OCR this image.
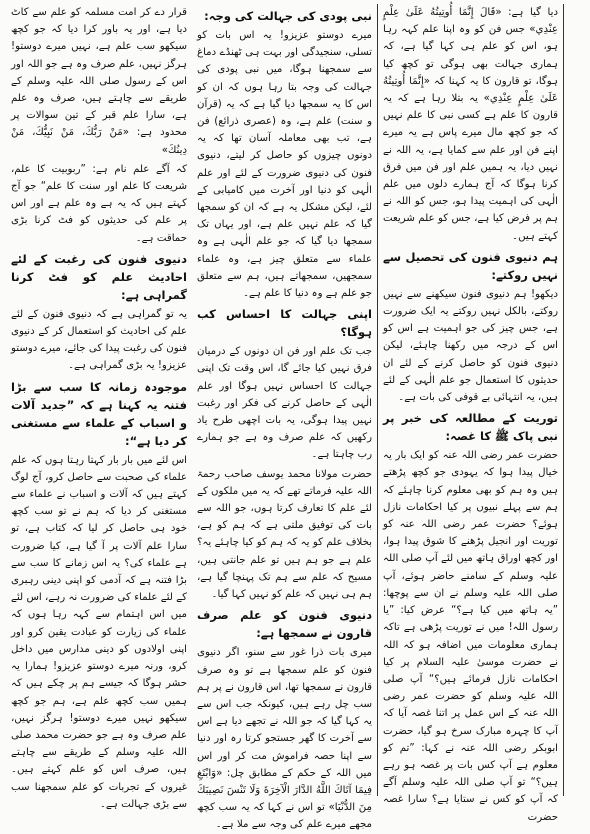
قرار دے کر امت مسلمہ کو علم سے کاٹ دیا ہے، اور یہ باور کرا دیا کہ جو کچھ سیکھو سب علم ہے، نہیں میرے دوستو! ہرگز نہیں، علم صرف وہ ہے جو اللہ اور اس کے رسول صلی اللہ علیہ وسلم کے طریقے سے چاہتے ہیں، صرف وہ علم ہے، سارا علم قبر کے تین سوالات پر محدود ہے: «مَنْ رَبُّكَ، مَنْ نَبِيُّكَ، مَنْ دِينُكَ»

کہ آگے علم نام ہے: ”ربوبیت کا علم، شریعت کا علم اور سنت کا علم“ جو آج کہتے ہیں کہ یہ ہے وہ علم ہے اور اس پر علم کی حدیثوں کو فٹ کرنا بڑی حماقت ہے۔

دنیوی فنون کی رغبت کے لئے احادیث علم کو فٹ کرنا گمراہی ہے:

یہ تو گمراہی ہے کہ دنیوی فنون کے لئے علم کی احادیث کو استعمال کر کے دنیوی فنون کی رغبت پیدا کی جائے، میرے دوستو عزیزو! یہ بڑی گمراہی ہے۔

موجودہ زمانہ کا سب سے بڑا فتنہ یہ کہنا ہے کہ ”جدید آلات و اسباب کے علماء سے مستغنی کر دیا ہے“:

اس لئے میں بار بار کہتا رہتا ہوں کہ علم علماء کی صحبت سے حاصل کرو، آج لوگ کہتے ہیں کہ آلات و اسباب نے علماء سے مستغنی کر دیا کہ ہم نے تو سب کچھ خود ہی حاصل کر لیا کہ کتاب ہے، تو سارا علم آلات پر آ گیا ہے، کیا ضرورت ہے علماء کی؟ یہ اس زمانے کا سب سے بڑا فتنہ ہے کہ آدمی کو اپنی دینی رہبری کے لئے علماء کی ضرورت نہ رہے، اس لئے میں اس اہتمام سے کہہ رہا ہوں کہ علماء کی زیارت کو عبادت یقین کرو اور اپنی اولادوں کو دینی مدارس میں داخل کرو، ورنہ میرے دوستو عزیزو! ہمارا یہ حشر ہوگا کہ جیسے ہم پر چکے ہیں کہ ہمیں سب کچھ علم ہے، ہم جو کچھ سیکھو نہیں میرے دوستو! ہرگز نہیں، علم صرف وہ ہے جو حضرت محمد صلی اللہ علیہ وسلم کے طریقے سے چاہتے ہیں، صرف اس کو علم کہتے ہیں۔ غیروں کے تجربات کو علم سمجھنا سب سے بڑی جہالت ہے۔

نبی پودی کی جہالت کی وجہ:

میرے دوستو عزیزو! یہ اس بات کو تسلی، سنجیدگی اور بہت ہی ٹھنڈے دماغ سے سمجھنا ہوگا، میں نبی پودی کی جہالت کی وجہ بتا رہا ہوں کہ ان کو اس کا یہ سمجھا دیا گیا ہے کہ یہ (قرآن و سنت) علم ہے، وہ (عصری ذرائع) فن ہے، تب بھی معاملہ آسان تھا کہ یہ دونوں چیزوں کو حاصل کر لیتے، دنیوی فنون کی دنیوی ضرورت کے لئے اور علم الٰہی کو دنیا اور آخرت میں کامیابی کے لئے، لیکن مشکل یہ ہے کہ ان کو سمجھا گیا کہ علم نہیں علم ہے، اور یہاں تک سمجھا دیا گیا کہ جو علم الٰہی ہے وہ علماء سے متعلق چیز ہے، وہ علماء سمجھیں، سمجھاتے ہیں، ہم سے متعلق جو علم ہے وہ دنیا کا علم ہے۔

اپنی جہالت کا احساس کب ہوگا؟

جب تک علم اور فن ان دونوں کے درمیان فرق نہیں کیا جائے گا، اس وقت تک اپنی جہالت کا احساس نہیں ہوگا اور علم الٰہی کے حاصل کرنے کی فکر اور رغبت نہیں پیدا ہوگی، یہ بات اچھی طرح یاد رکھیں کہ علم صرف وہ ہے جو ہمارے رب چاہتا ہے۔

حضرت مولانا محمد یوسف صاحب رحمۃ اللہ علیہ فرماتے تھے کہ یہ میں ملکوں کے لئے علم کا تعارف کرتا ہوں، جو اللہ سے بات کی توفیق ملتی ہے کہ ہم کو ہے، بخلاف علم کو یہ کہ ہم کو کیا چاہئے یہ؟ علم ہے جو ہم ہیں تو علم جانتی ہیں، مسیح کہ علم سے ہم تک پہنچا گیا ہے، ہم ہی نہیں کہ علم کو نہیں کہا گیا۔

دنیوی فنون کو علم صرف قارون نے سمجھا ہے:

میری بات ذرا غور سے سنو، اگر دنیوی فنون کو علم سمجھا ہے تو وہ صرف قارون نے سمجھا تھا، اس قارون نے پر ہم سب چل رہے ہیں، کیونکہ جب اس سے یہ کہا گیا کہ جو اللہ نے تجھے دیا ہے اس سے آخرت کا گھر جستجو کرتا رہ اور دنیا سے اپنا حصہ فراموش مت کر اور اس میں اللہ کے حکم کے مطابق چل: «وَابْتَغِ فِيمَا آتَاكَ اللَّهُ الدَّارَ الْآخِرَةَ وَلَا تَنْسَ نَصِيبَكَ مِنَ الدُّنْيَا» تو اس نے کہا کہ یہ سب کچھ مجھے میرے علم کی وجہ سے ملا ہے۔

دیا گیا ہے: «قَالَ إِنَّمَا أُوتِيتُهُ عَلَىٰ عِلْمٍ عِنْدِي» جس فن کو وہ اپنا علم کہہ رہا ہو، اس کو علم ہی کہا گیا ہے، کہ ہماری جہالت بھی ہوگی تو کچھ کیا ہوگا، تو قارون کا یہ کہنا کہ «إِنَّمَا أُوتِيتُهُ عَلَىٰ عِلْمٍ عِنْدِي» یہ بتلا رہا ہے کہ یہ قارون کا علم ہے کسی نبی کا علم نہیں کہ جو کچھ مال میرے پاس ہے یہ میرے اپنے فن اور علم سے کمایا ہے، یہ اللہ نے نہیں دیا، یہ ہمیں علم اور فن میں فرق کرنا ہوگا کہ آج ہمارے دلوں میں علم الٰہی کی اہمیت پیدا ہو، جس کو اللہ نے ہم پر فرض کیا ہے، جس کو علم شریعت کہتے ہیں۔

ہم دنیوی فنون کی تحصیل سے نہیں روکتے:

دیکھو! ہم دنیوی فنون سیکھنے سے نہیں روکتے، بالکل نہیں روکتے یہ ایک ضرورت ہے، جس چیز کی جو اہمیت ہے اس کو اس کے درجہ میں رکھنا چاہئے، لیکن دنیوی فنون کو حاصل کرنے کے لئے ان حدیثوں کا استعمال جو علم الٰہی کے لئے ہیں، یہ انتہائی بے قوفی کی بات ہے۔

توریت کے مطالعہ کی خبر پر نبی پاک ﷺ کا غصہ:

حضرت عمر رضی اللہ عنہ کو ایک بار یہ خیال پیدا ہوا کہ یہودی جو کچھ پڑھتے ہیں وہ ہم کو بھی معلوم کرنا چاہئے کہ ہم سے پہلے نبیوں پر کیا احکامات نازل ہوئے؟ حضرت عمر رضی اللہ عنہ کو توریت اور انجیل پڑھنے کا شوق پیدا ہوا، اور کچھ اوراق ہاتھ میں لئے آپ صلی اللہ علیہ وسلم کے سامنے حاضر ہوئے، آپ صلی اللہ علیہ وسلم نے ان سے پوچھا: ”یہ ہاتھ میں کیا ہے؟“ عرض کیا: ”یا رسول اللہ! میں نے توریت پڑھی ہے تاکہ ہماری معلومات میں اضافہ ہو کہ اللہ نے حضرت موسیٰ علیہ السلام پر کیا احکامات نازل فرمائے ہیں؟“ آپ صلی اللہ علیہ وسلم کو حضرت عمر رضی اللہ عنہ کے اس عمل پر اتنا غصہ آیا کہ آپ کا چہرہ مبارک سرخ ہو گیا، حضرت ابوبکر رضی اللہ عنہ نے کہا: ”تم کو معلوم ہے آپ کس بات پر غصہ ہو رہے ہیں؟“ تو آپ صلی اللہ علیہ وسلم آگے کہ آپ کو کس نے ستایا ہے؟ سارا غصہ حضرت
